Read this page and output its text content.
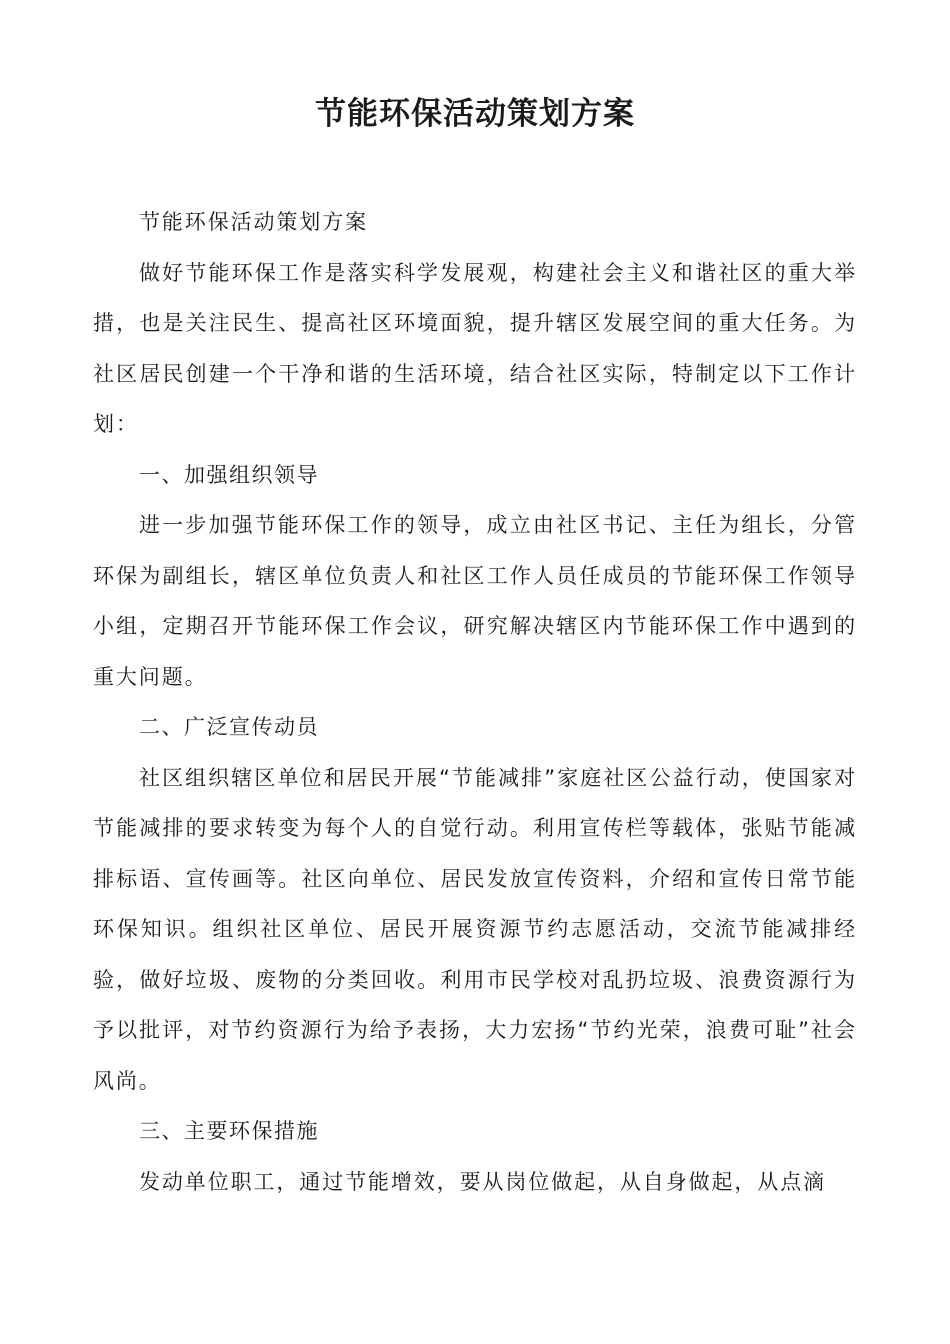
节能环保活动策划方案

节能环保活动策划方案

做好节能环保工作是落实科学发展观，构建社会主义和谐社区的重大举措，也是关注民生、提高社区环境面貌，提升辖区发展空间的重大任务。为社区居民创建一个干净和谐的生活环境，结合社区实际，特制定以下工作计划：

一、加强组织领导

进一步加强节能环保工作的领导，成立由社区书记、主任为组长，分管环保为副组长，辖区单位负责人和社区工作人员任成员的节能环保工作领导小组，定期召开节能环保工作会议，研究解决辖区内节能环保工作中遇到的重大问题。

二、广泛宣传动员

社区组织辖区单位和居民开展“节能减排”家庭社区公益行动，使国家对节能减排的要求转变为每个人的自觉行动。利用宣传栏等载体，张贴节能减排标语、宣传画等。社区向单位、居民发放宣传资料，介绍和宣传日常节能环保知识。组织社区单位、居民开展资源节约志愿活动，交流节能减排经验，做好垃圾、废物的分类回收。利用市民学校对乱扔垃圾、浪费资源行为予以批评，对节约资源行为给予表扬，大力宏扬“节约光荣，浪费可耻”社会风尚。

三、主要环保措施

发动单位职工，通过节能增效，要从岗位做起，从自身做起，从点滴
